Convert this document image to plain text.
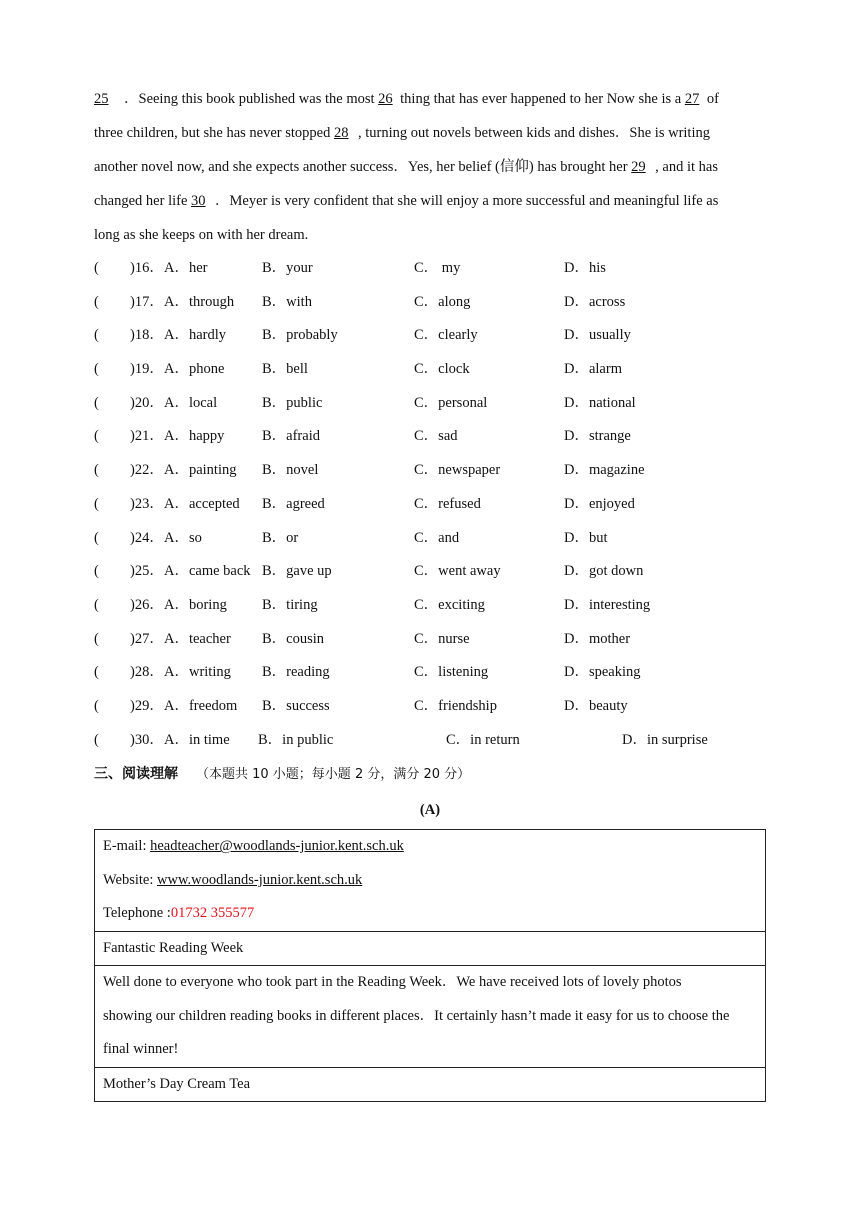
25 ．Seeing this book published was the most 26 thing that has ever happened to her Now she is a 27 of
three children, but she has never stopped 28 , turning out novels between kids and dishes．She is writing
another novel now, and she expects another success．Yes, her belief (信仰) has brought her 29 , and it has
changed her life 30 ．Meyer is very confident that she will enjoy a more successful and meaningful life as
long as she keeps on with her dream.
( )16． A．her	B．your	C． my	D．his
( )17． A．through B．with	C．along	D．across
( )18． A．hardly B．probably	C．clearly	D．usually
( )19． A．phone	B．bell	C．clock	D．alarm
( )20． A．local	B．public	C．personal	D．national
( )21． A．happy	B．afraid	C．sad	D．strange
( )22． A．painting B．novel	C．newspaper	D．magazine
( )23． A．accepted B．agreed	C．refused	D．enjoyed
( )24． A．so	B．or	C．and	D．but
( )25． A．came back B．gave up	C．went away	D．got down
( )26． A．boring B．tiring	C．exciting	D．interesting
( )27． A．teacher B．cousin	C．nurse	D．mother
( )28． A．writing B．reading	C．listening	D．speaking
( )29． A．freedom B．success	C．friendship	D．beauty
( )30． A．in time B．in public	C．in return	D．in surprise
三、阅读理解 （本题共 10 小题；每小题 2 分，满分 20 分）
(A)
E-mail: headteacher@woodlands-junior.kent.sch.uk
Website: www.woodlands-junior.kent.sch.uk
Telephone :01732 355577

Fantastic Reading Week

Well done to everyone who took part in the Reading Week．We have received lots of lovely photos
showing our children reading books in different places．It certainly hasn’t made it easy for us to choose the
final winner!

Mother’s Day Cream Tea
